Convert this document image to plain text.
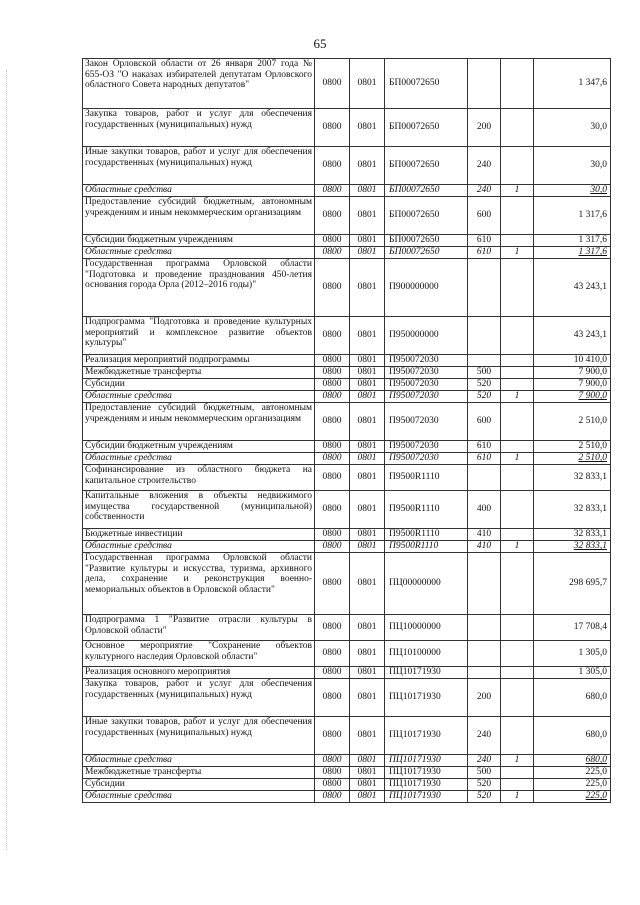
65
Закон Орловской области от 26 января 2007 года № 655-ОЗ "О наказах избирателей депутатам Орловского областного Совета народных депутатов"	0800	0801	БП00072650			1 347,6
Закупка товаров, работ и услуг для обеспечения государственных (муниципальных) нужд	0800	0801	БП00072650	200		30,0
Иные закупки товаров, работ и услуг для обеспечения государственных (муниципальных) нужд	0800	0801	БП00072650	240		30,0
Областные средства	0800	0801	БП00072650	240	1	30,0
Предоставление субсидий бюджетным, автономным учреждениям и иным некоммерческим организациям	0800	0801	БП00072650	600		1 317,6
Субсидии бюджетным учреждениям	0800	0801	БП00072650	610		1 317,6
Областные средства	0800	0801	БП00072650	610	1	1 317,6
Государственная программа Орловской области "Подготовка и проведение празднования 450-летия основания города Орла (2012–2016 годы)"	0800	0801	П900000000			43 243,1
Подпрограмма "Подготовка и проведение культурных мероприятий и комплексное развитие объектов культуры"	0800	0801	П950000000			43 243,1
Реализация мероприятий подпрограммы	0800	0801	П950072030			10 410,0
Межбюджетные трансферты	0800	0801	П950072030	500		7 900,0
Субсидии	0800	0801	П950072030	520		7 900,0
Областные средства	0800	0801	П950072030	520	1	7 900,0
Предоставление субсидий бюджетным, автономным учреждениям и иным некоммерческим организациям	0800	0801	П950072030	600		2 510,0
Субсидии бюджетным учреждениям	0800	0801	П950072030	610		2 510,0
Областные средства	0800	0801	П950072030	610	1	2 510,0
Софинансирование из областного бюджета на капитальное строительство	0800	0801	П9500R1110			32 833,1
Капитальные вложения в объекты недвижимого имущества государственной (муниципальной) собственности	0800	0801	П9500R1110	400		32 833,1
Бюджетные инвестиции	0800	0801	П9500R1110	410		32 833,1
Областные средства	0800	0801	П9500R1110	410	1	32 833,1
Государственная программа Орловской области "Развитие культуры и искусства, туризма, архивного дела, сохранение и реконструкция военно-мемориальных объектов в Орловской области"	0800	0801	ПЦ00000000			298 695,7
Подпрограмма 1 "Развитие отрасли культуры в Орловской области"	0800	0801	ПЦ10000000			17 708,4
Основное мероприятие "Сохранение объектов культурного наследия Орловской области"	0800	0801	ПЦ10100000			1 305,0
Реализация основного мероприятия	0800	0801	ПЦ10171930			1 305,0
Закупка товаров, работ и услуг для обеспечения государственных (муниципальных) нужд	0800	0801	ПЦ10171930	200		680,0
Иные закупки товаров, работ и услуг для обеспечения государственных (муниципальных) нужд	0800	0801	ПЦ10171930	240		680,0
Областные средства	0800	0801	ПЦ10171930	240	1	680,0
Межбюджетные трансферты	0800	0801	ПЦ10171930	500		225,0
Субсидии	0800	0801	ПЦ10171930	520		225,0
Областные средства	0800	0801	ПЦ10171930	520	1	225,0
